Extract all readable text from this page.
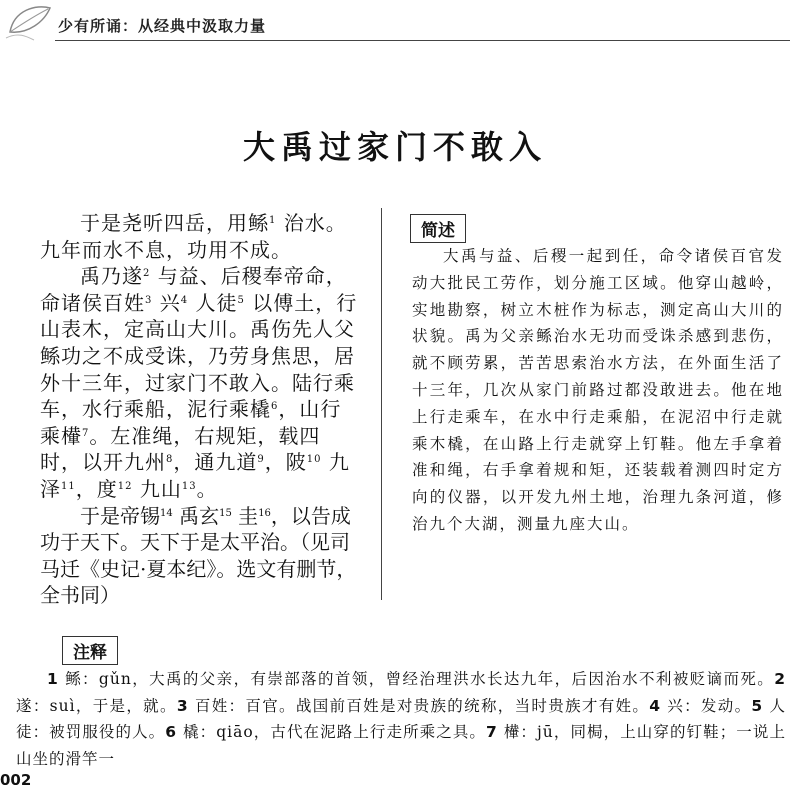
少有所诵：从经典中汲取力量
大禹过家门不敢入

于是尧听四岳，用鲧$^1$ 治水。九年而水不息，功用不成。

禹乃遂$^2$ 与益、后稷奉帝命，命诸侯百姓$^3$ 兴$^4$ 人徒$^5$ 以傅土，行山表木，定高山大川。禹伤先人父鲧功之不成受诛，乃劳身焦思，居外十三年，过家门不敢入。陆行乘车，水行乘船，泥行乘橇$^6$，山行乘檋$^7$。左准绳，右规矩，载四时，以开九州$^8$，通九道$^9$，陂$^{10}$ 九泽$^{11}$，度$^{12}$ 九山$^{13}$。

于是帝锡$^{14}$ 禹玄$^{15}$ 圭$^{16}$，以告成功于天下。天下于是太平治。（见司马迁《史记·夏本纪》。选文有删节，全书同）

简述

大禹与益、后稷一起到任，命令诸侯百官发动大批民工劳作，划分施工区域。他穿山越岭，实地勘察，树立木桩作为标志，测定高山大川的状貌。禹为父亲鲧治水无功而受诛杀感到悲伤，就不顾劳累，苦苦思索治水方法，在外面生活了十三年，几次从家门前路过都没敢进去。他在地上行走乘车，在水中行走乘船，在泥沼中行走就乘木橇，在山路上行走就穿上钉鞋。他左手拿着准和绳，右手拿着规和矩，还装载着测四时定方向的仪器，以开发九州土地，治理九条河道，修治九个大湖，测量九座大山。

注释

1 鲧：gǔn，大禹的父亲，有崇部落的首领，曾经治理洪水长达九年，后因治水不利被贬谪而死。2 遂：suì，于是，就。3 百姓：百官。战国前百姓是对贵族的统称，当时贵族才有姓。4 兴：发动。5 人徒：被罚服役的人。6 橇：qiāo，古代在泥路上行走所乘之具。7 檋：jū，同梮，上山穿的钉鞋；一说上山坐的滑竿一

002
